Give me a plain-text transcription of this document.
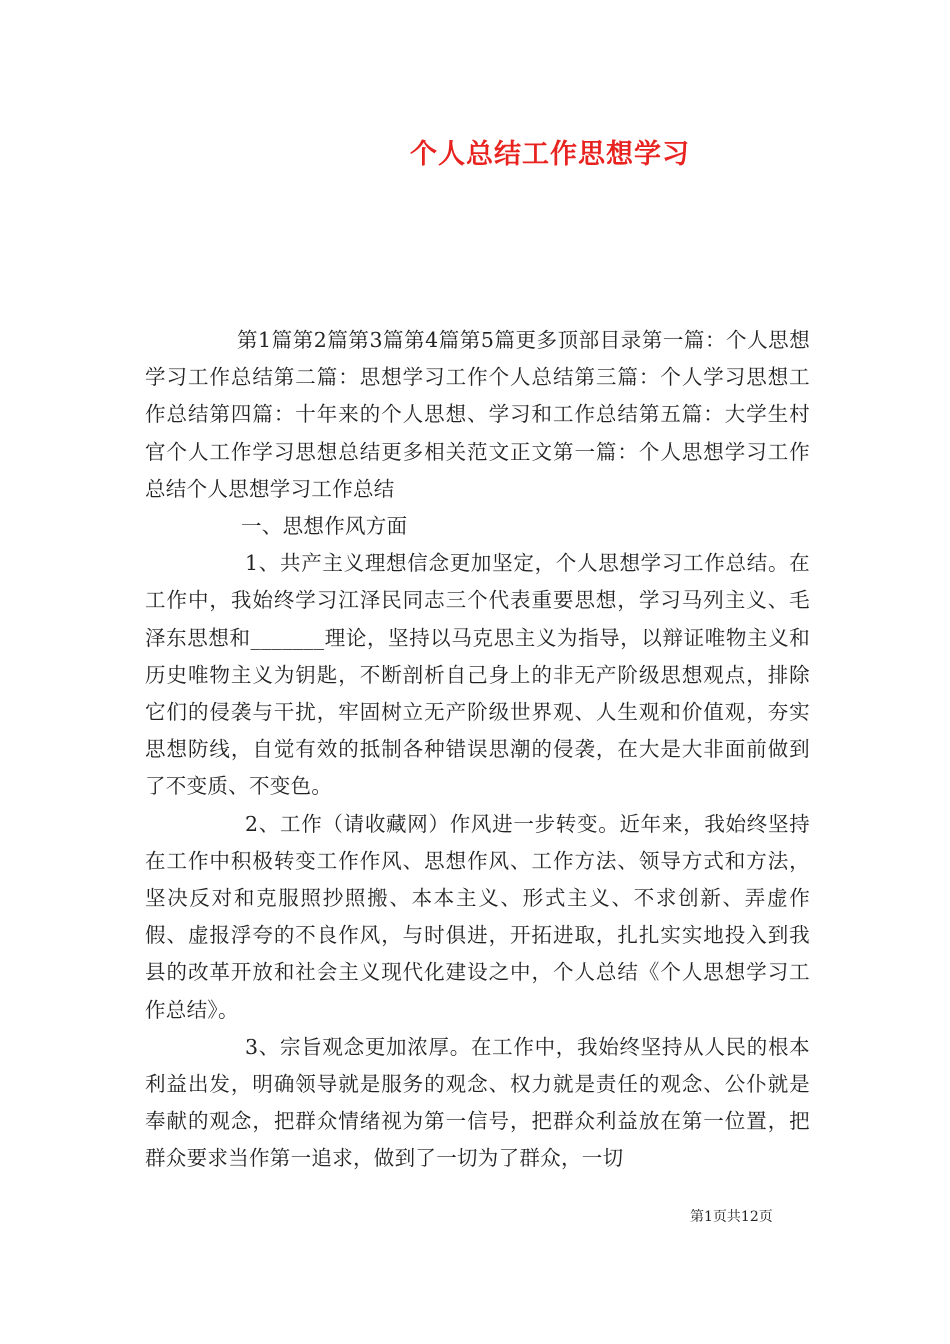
个人总结工作思想学习

第1篇第2篇第3篇第4篇第5篇更多顶部目录第一篇：个人思想学习工作总结第二篇：思想学习工作个人总结第三篇：个人学习思想工作总结第四篇：十年来的个人思想、学习和工作总结第五篇：大学生村官个人工作学习思想总结更多相关范文正文第一篇：个人思想学习工作总结个人思想学习工作总结

一、思想作风方面

1、共产主义理想信念更加坚定，个人思想学习工作总结。在工作中，我始终学习江泽民同志三个代表重要思想，学习马列主义、毛泽东思想和_______理论，坚持以马克思主义为指导，以辩证唯物主义和历史唯物主义为钥匙，不断剖析自己身上的非无产阶级思想观点，排除它们的侵袭与干扰，牢固树立无产阶级世界观、人生观和价值观，夯实思想防线，自觉有效的抵制各种错误思潮的侵袭，在大是大非面前做到了不变质、不变色。

2、工作（请收藏网）作风进一步转变。近年来，我始终坚持在工作中积极转变工作作风、思想作风、工作方法、领导方式和方法，坚决反对和克服照抄照搬、本本主义、形式主义、不求创新、弄虚作假、虚报浮夸的不良作风，与时俱进，开拓进取，扎扎实实地投入到我县的改革开放和社会主义现代化建设之中，个人总结《个人思想学习工作总结》。

3、宗旨观念更加浓厚。在工作中，我始终坚持从人民的根本利益出发，明确领导就是服务的观念、权力就是责任的观念、公仆就是奉献的观念，把群众情绪视为第一信号，把群众利益放在第一位置，把群众要求当作第一追求，做到了一切为了群众，一切

第1页共12页
